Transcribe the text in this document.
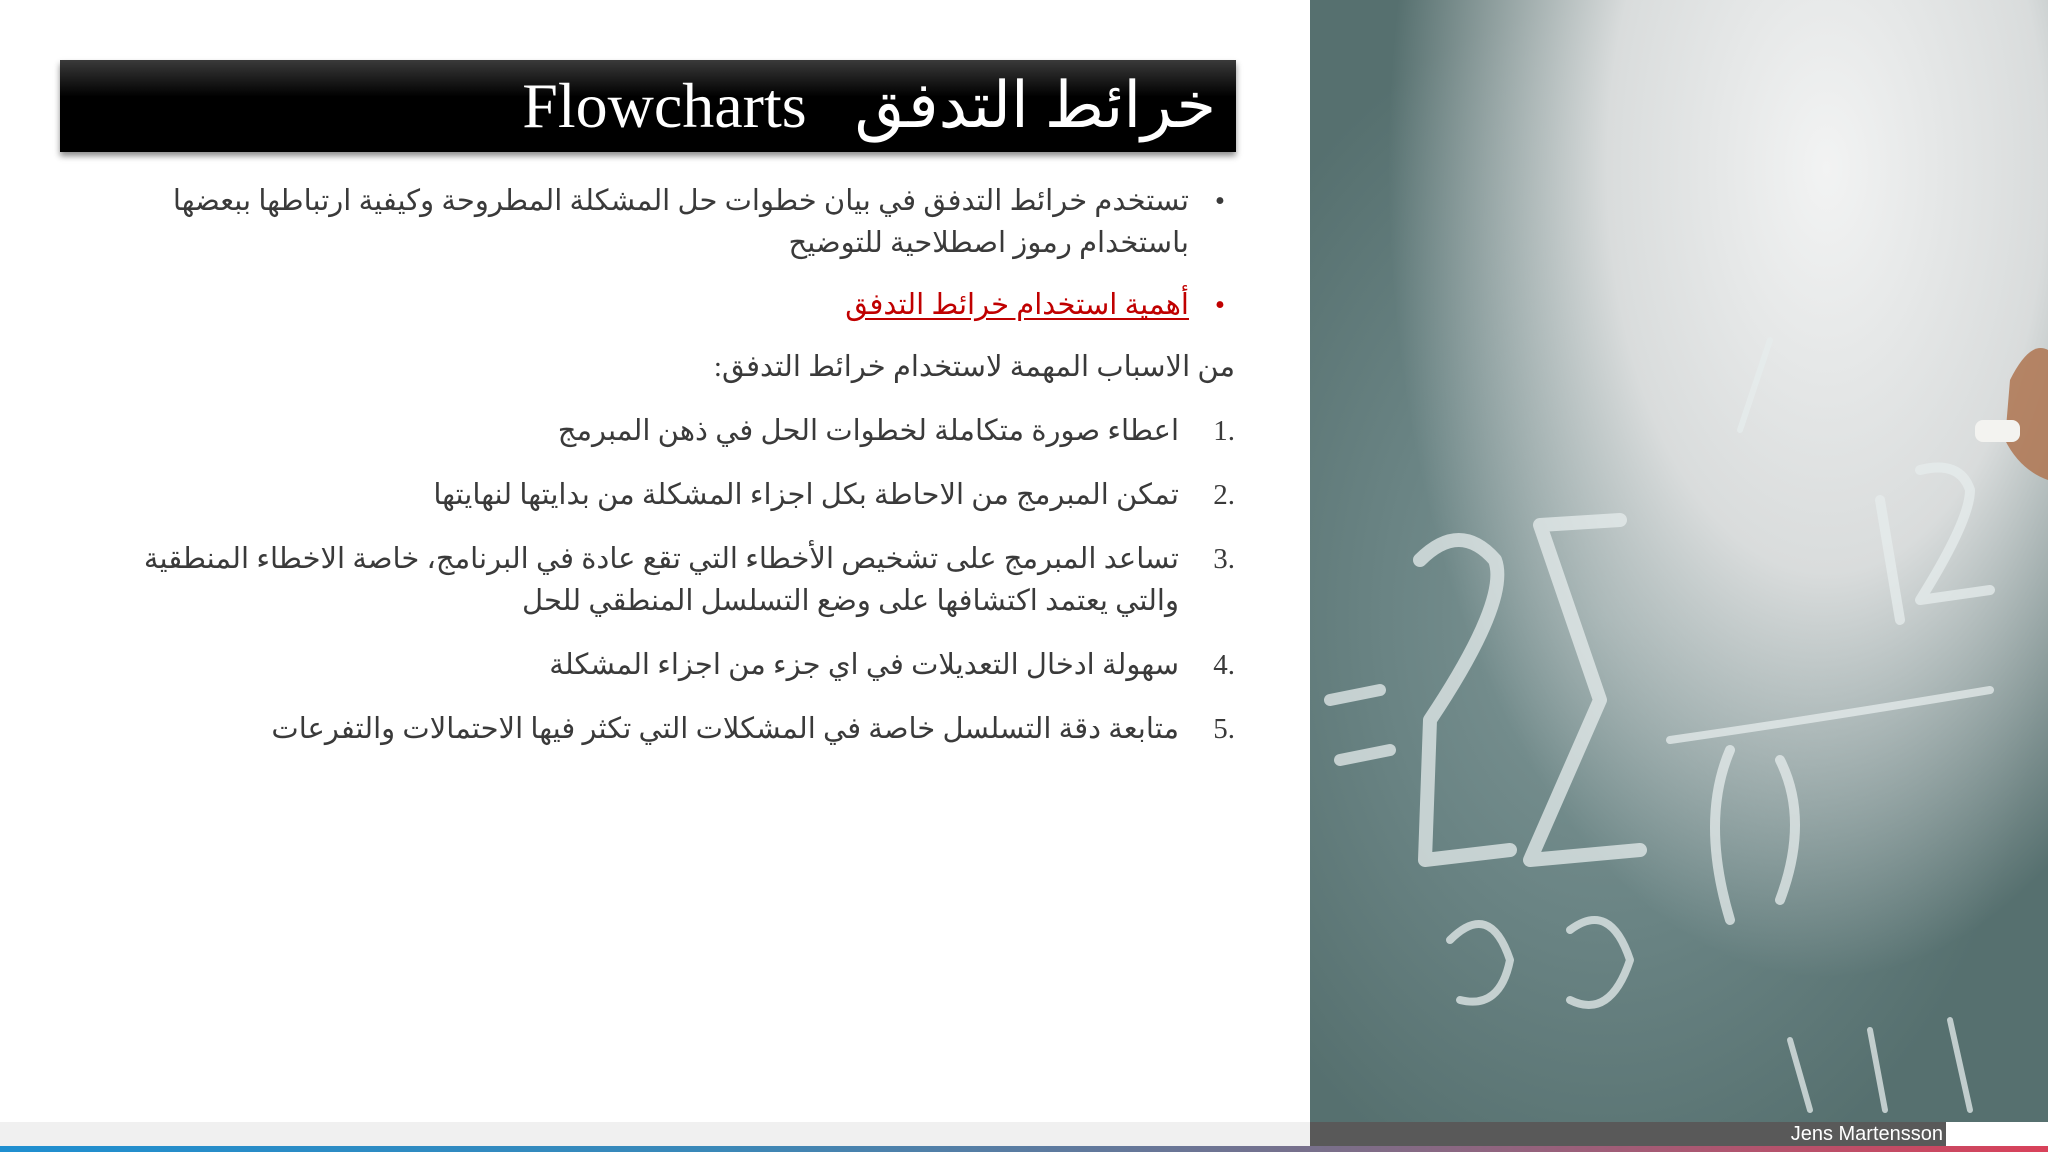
خرائط التدفق   Flowcharts
•
تستخدم خرائط التدفق في بيان خطوات حل المشكلة المطروحة وكيفية ارتباطها ببعضها باستخدام رموز اصطلاحية للتوضيح
•
أهمية استخدام خرائط التدفق
من الاسباب المهمة لاستخدام خرائط التدفق:
1.
اعطاء صورة متكاملة لخطوات الحل في ذهن المبرمج
2.
تمكن المبرمج من الاحاطة بكل اجزاء المشكلة من بدايتها لنهايتها
3.
تساعد المبرمج على تشخيص الأخطاء التي تقع عادة في البرنامج، خاصة الاخطاء المنطقية والتي يعتمد اكتشافها على وضع التسلسل المنطقي للحل
4.
سهولة ادخال التعديلات في اي جزء من اجزاء المشكلة
5.
متابعة دقة التسلسل خاصة في المشكلات التي تكثر فيها الاحتمالات والتفرعات
Jens Martensson
